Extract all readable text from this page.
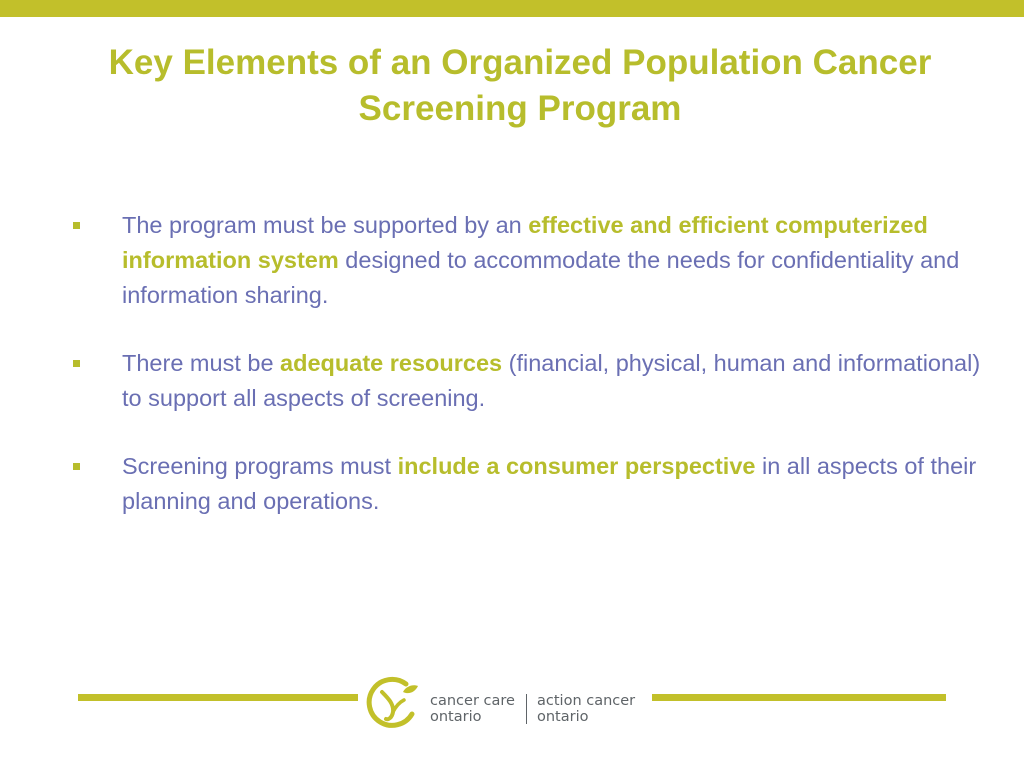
Key Elements of an Organized Population Cancer Screening Program
The program must be supported by an effective and efficient computerized information system designed to accommodate the needs for confidentiality and information sharing.
There must be adequate resources (financial, physical, human and informational) to support all aspects of screening.
Screening programs must include a consumer perspective in all aspects of their planning and operations.
cancer care
ontario
action cancer
ontario
